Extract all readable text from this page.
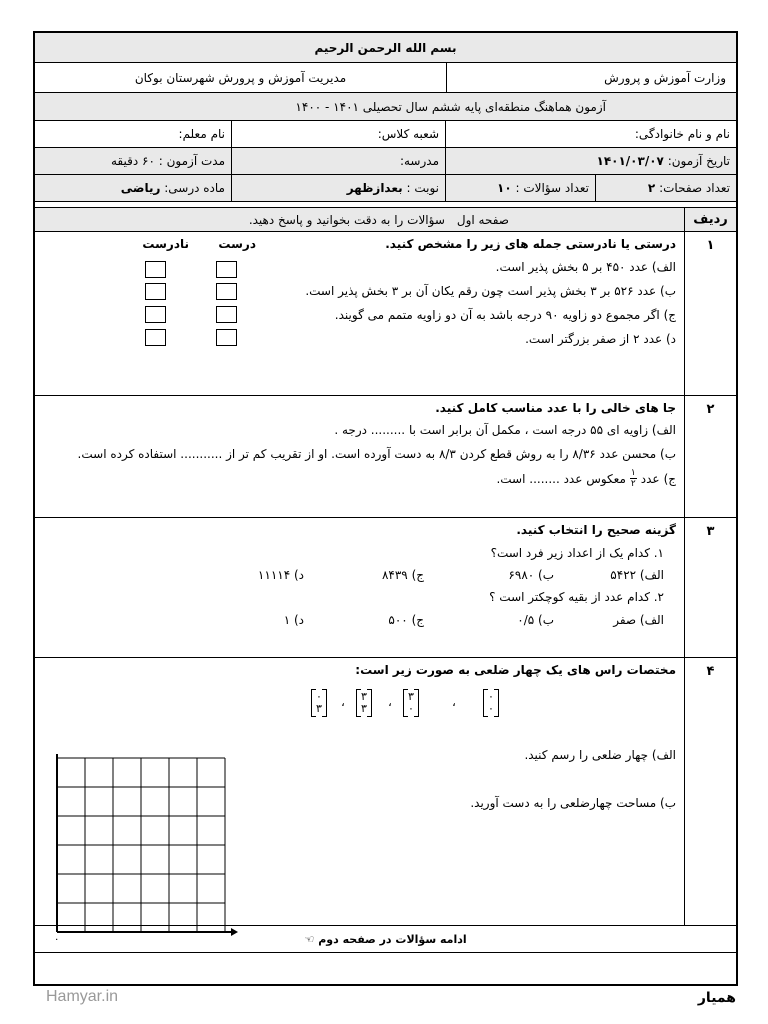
بسم الله الرحمن الرحیم
وزارت آموزش و پرورش
مدیریت آموزش و پرورش شهرستان بوکان
آزمون هماهنگ منطقه‌ای پایه ششم سال تحصیلی ۱۴۰۱ - ۱۴۰۰
نام و نام خانوادگی:
شعبه کلاس:
نام معلم:
تاریخ آزمون:

۱۴۰۱/۰۳/۰۷
مدرسه:
مدت آزمون : ۶۰ دقیقه
تعداد صفحات:

۲
تعداد سؤالات :

۱۰
نوبت :

بعدازظهر
ماده درسی:

ریاضی
ردیف
صفحه اول
سؤالات را به دقت بخوانید و پاسخ دهید.
۱
درستی یا نادرستی جمله های زیر را مشخص کنید.
درست
نادرست
الف) عدد ۴۵۰ بر ۵ بخش پذیر است.
ب) عدد ۵۲۶ بر ۳ بخش پذیر است چون رقم یکان آن بر ۳ بخش پذیر است.
ج) اگر مجموع دو زاویه ۹۰ درجه باشد به آن دو زاویه متمم می گویند.
د) عدد ۲ از صفر بزرگتر است.
۲
جا های خالی را با عدد مناسب کامل کنید.
الف) زاویه ای ۵۵ درجه است ، مکمل آن برابر است با ......... درجه .
ب) محسن عدد ۸/۳۶ را به روش قطع کردن ۸/۳ به دست آورده است. او از تقریب کم تر از ........... استفاده کرده است.
ج)
عدد
۱
۲
معکوس عدد ........ است.
۳
گزینه صحیح را انتخاب کنید.
۱. کدام یک از اعداد زیر فرد است؟
الف) ۵۴۲۲
ب) ۶۹۸۰
ج) ۸۴۳۹
د) ۱۱۱۱۴
۲. کدام عدد از بقیه کوچکتر است ؟
الف) صفر
ب) ۰/۵
ج) ۵۰۰
د) ۱
۴
مختصات راس های یک چهار ضلعی به صورت زیر است:
الف) چهار ضلعی را رسم کنید.
ب) مساحت چهارضلعی را به دست آورید.
۰
۰
،
۳
۰
،
۳
۳
،
۰
۳
۰	ادامه سؤالات در صفحه دوم
☜
Hamyar.in	همیار
